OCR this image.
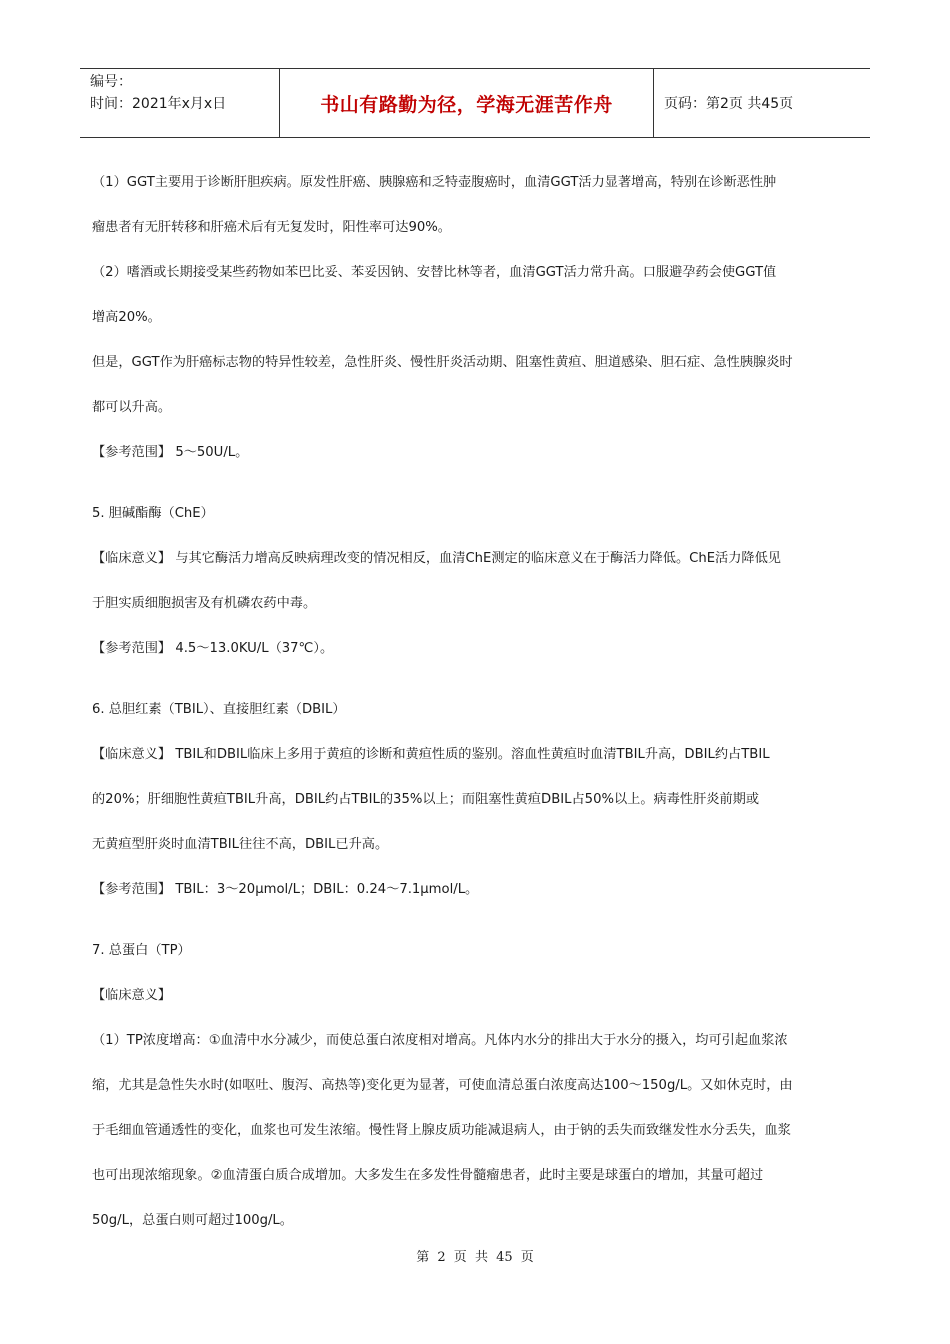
编号：
时间：2021年x月x日	书山有路勤为径，学海无涯苦作舟	页码：第2页 共45页

（1）GGT主要用于诊断肝胆疾病。原发性肝癌、胰腺癌和乏特壶腹癌时，血清GGT活力显著增高，特别在诊断恶性肿

瘤患者有无肝转移和肝癌术后有无复发时，阳性率可达90%。

（2）嗜酒或长期接受某些药物如苯巴比妥、苯妥因钠、安替比林等者，血清GGT活力常升高。口服避孕药会使GGT值

增高20%。

但是，GGT作为肝癌标志物的特异性较差，急性肝炎、慢性肝炎活动期、阻塞性黄疸、胆道感染、胆石症、急性胰腺炎时

都可以升高。

【参考范围】 5～50U/L。

5. 胆碱酯酶（ChE）

【临床意义】 与其它酶活力增高反映病理改变的情况相反，血清ChE测定的临床意义在于酶活力降低。ChE活力降低见

于胆实质细胞损害及有机磷农药中毒。

【参考范围】 4.5～13.0KU/L（37℃）。

6. 总胆红素（TBIL）、直接胆红素（DBIL）

【临床意义】 TBIL和DBIL临床上多用于黄疸的诊断和黄疸性质的鉴别。溶血性黄疸时血清TBIL升高，DBIL约占TBIL

的20%；肝细胞性黄疸TBIL升高，DBIL约占TBIL的35%以上；而阻塞性黄疸DBIL占50%以上。病毒性肝炎前期或

无黄疸型肝炎时血清TBIL往往不高，DBIL已升高。

【参考范围】 TBIL：3～20μmol/L；DBIL：0.24～7.1μmol/L。

7. 总蛋白（TP）

【临床意义】

（1）TP浓度增高：①血清中水分减少，而使总蛋白浓度相对增高。凡体内水分的排出大于水分的摄入，均可引起血浆浓

缩，尤其是急性失水时(如呕吐、腹泻、高热等)变化更为显著，可使血清总蛋白浓度高达100～150g/L。又如休克时，由

于毛细血管通透性的变化，血浆也可发生浓缩。慢性肾上腺皮质功能减退病人，由于钠的丢失而致继发性水分丢失，血浆

也可出现浓缩现象。②血清蛋白质合成增加。大多发生在多发性骨髓瘤患者，此时主要是球蛋白的增加，其量可超过

50g/L，总蛋白则可超过100g/L。

第 2 页 共 45 页
